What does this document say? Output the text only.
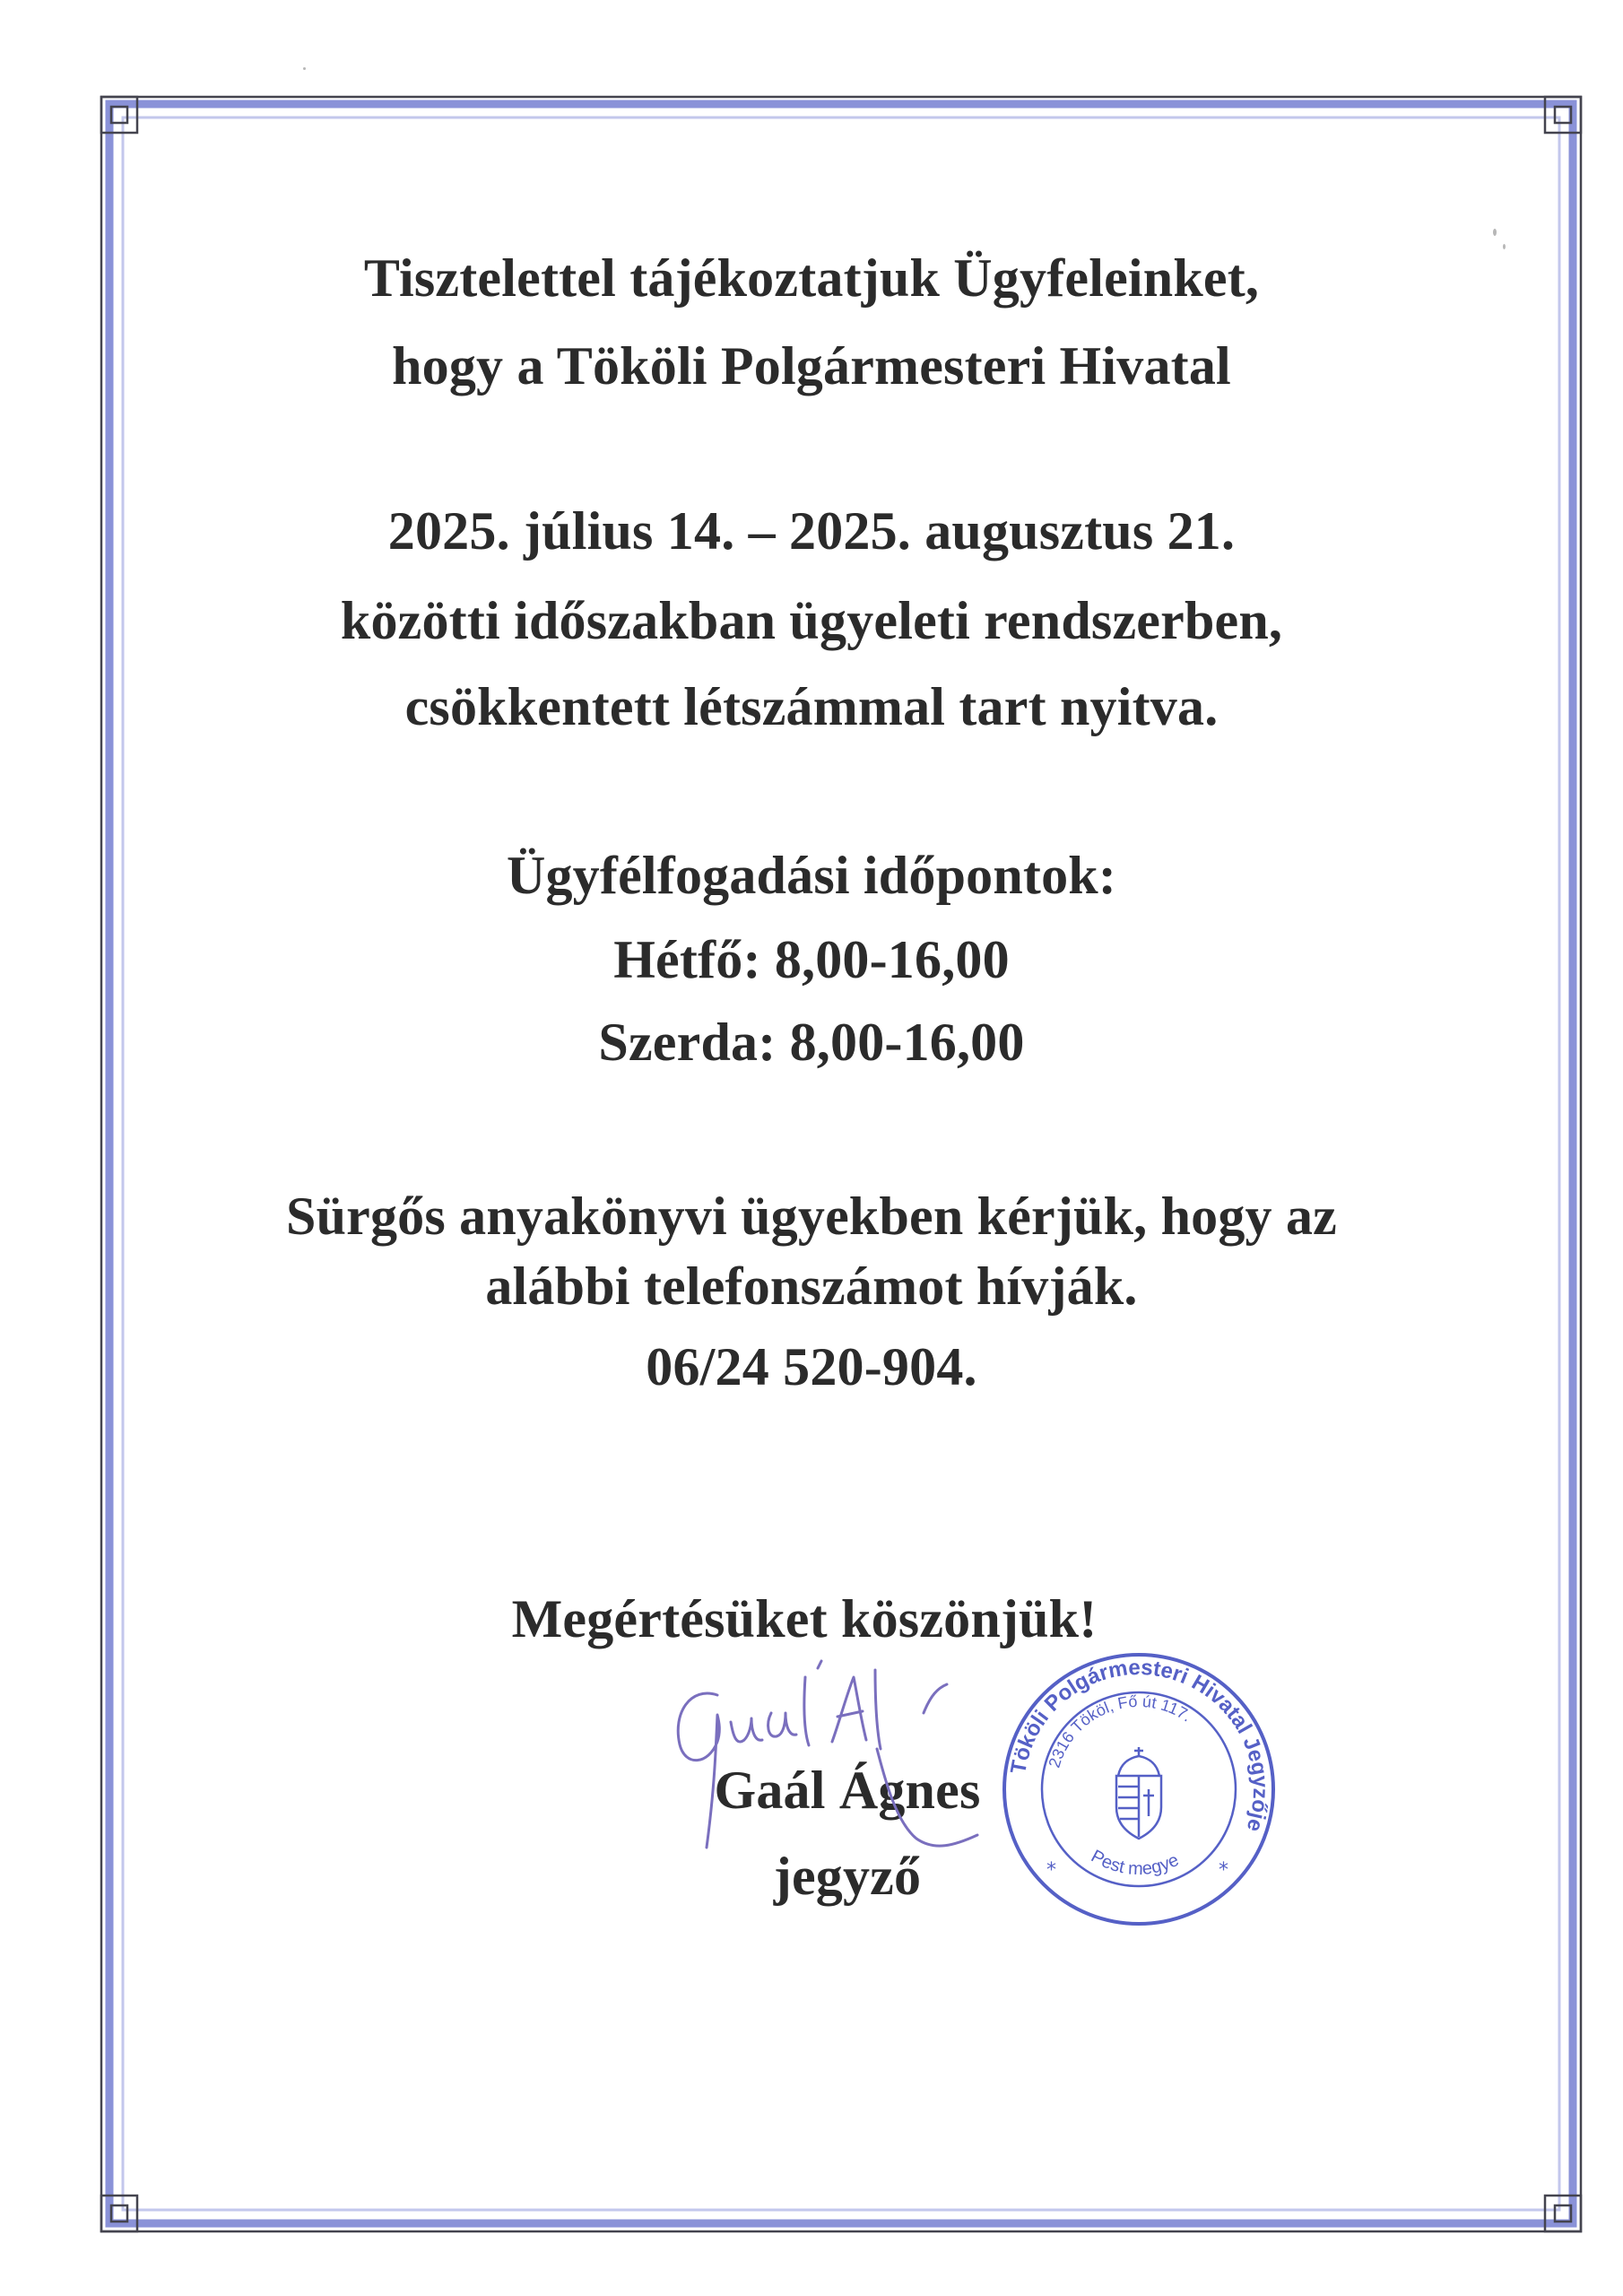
Tisztelettel tájékoztatjuk Ügyfeleinket,
hogy a Tököli Polgármesteri Hivatal
2025. július 14. – 2025. augusztus 21.
közötti időszakban ügyeleti rendszerben,
csökkentett létszámmal tart nyitva.
Ügyfélfogadási időpontok:
Hétfő: 8,00-16,00
Szerda: 8,00-16,00
Sürgős anyakönyvi ügyekben kérjük, hogy az
alábbi telefonszámot hívják.
06/24 520-904.
Megértésüket köszönjük!
Gaál Ágnes
jegyző
Tököli Polgármesteri Hivatal Jegyzője
2316 Tököl, Fő út 117.
Pest megye
*	*
